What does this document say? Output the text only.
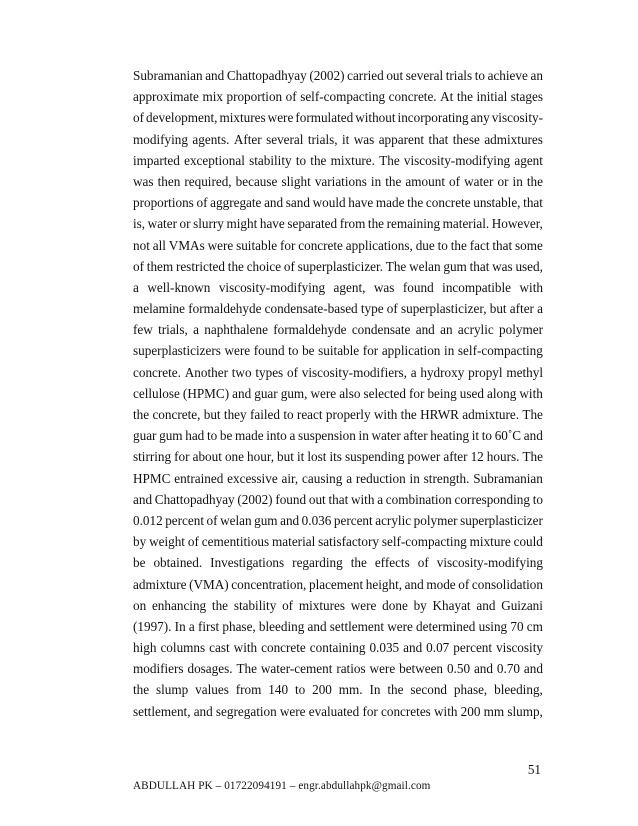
Subramanian and Chattopadhyay (2002) carried out several trials to achieve an
approximate mix proportion of self-compacting concrete. At the initial stages
of development, mixtures were formulated without incorporating any viscosity-
modifying agents. After several trials, it was apparent that these admixtures
imparted exceptional stability to the mixture. The viscosity-modifying agent
was then required, because slight variations in the amount of water or in the
proportions of aggregate and sand would have made the concrete unstable, that
is, water or slurry might have separated from the remaining material. However,
not all VMAs were suitable for concrete applications, due to the fact that some
of them restricted the choice of superplasticizer. The welan gum that was used,
a well-known viscosity-modifying agent, was found incompatible with
melamine formaldehyde condensate-based type of superplasticizer, but after a
few trials, a naphthalene formaldehyde condensate and an acrylic polymer
superplasticizers were found to be suitable for application in self-compacting
concrete. Another two types of viscosity-modifiers, a hydroxy propyl methyl
cellulose (HPMC) and guar gum, were also selected for being used along with
the concrete, but they failed to react properly with the HRWR admixture. The
guar gum had to be made into a suspension in water after heating it to 60˚C and
stirring for about one hour, but it lost its suspending power after 12 hours. The
HPMC entrained excessive air, causing a reduction in strength. Subramanian
and Chattopadhyay (2002) found out that with a combination corresponding to
0.012 percent of welan gum and 0.036 percent acrylic polymer superplasticizer
by weight of cementitious material satisfactory self-compacting mixture could
be obtained. Investigations regarding the effects of viscosity-modifying
admixture (VMA) concentration, placement height, and mode of consolidation
on enhancing the stability of mixtures were done by Khayat and Guizani
(1997). In a first phase, bleeding and settlement were determined using 70 cm
high columns cast with concrete containing 0.035 and 0.07 percent viscosity
modifiers dosages. The water-cement ratios were between 0.50 and 0.70 and
the slump values from 140 to 200 mm. In the second phase, bleeding,
settlement, and segregation were evaluated for concretes with 200 mm slump,
51
ABDULLAH PK – 01722094191 – engr.abdullahpk@gmail.com
